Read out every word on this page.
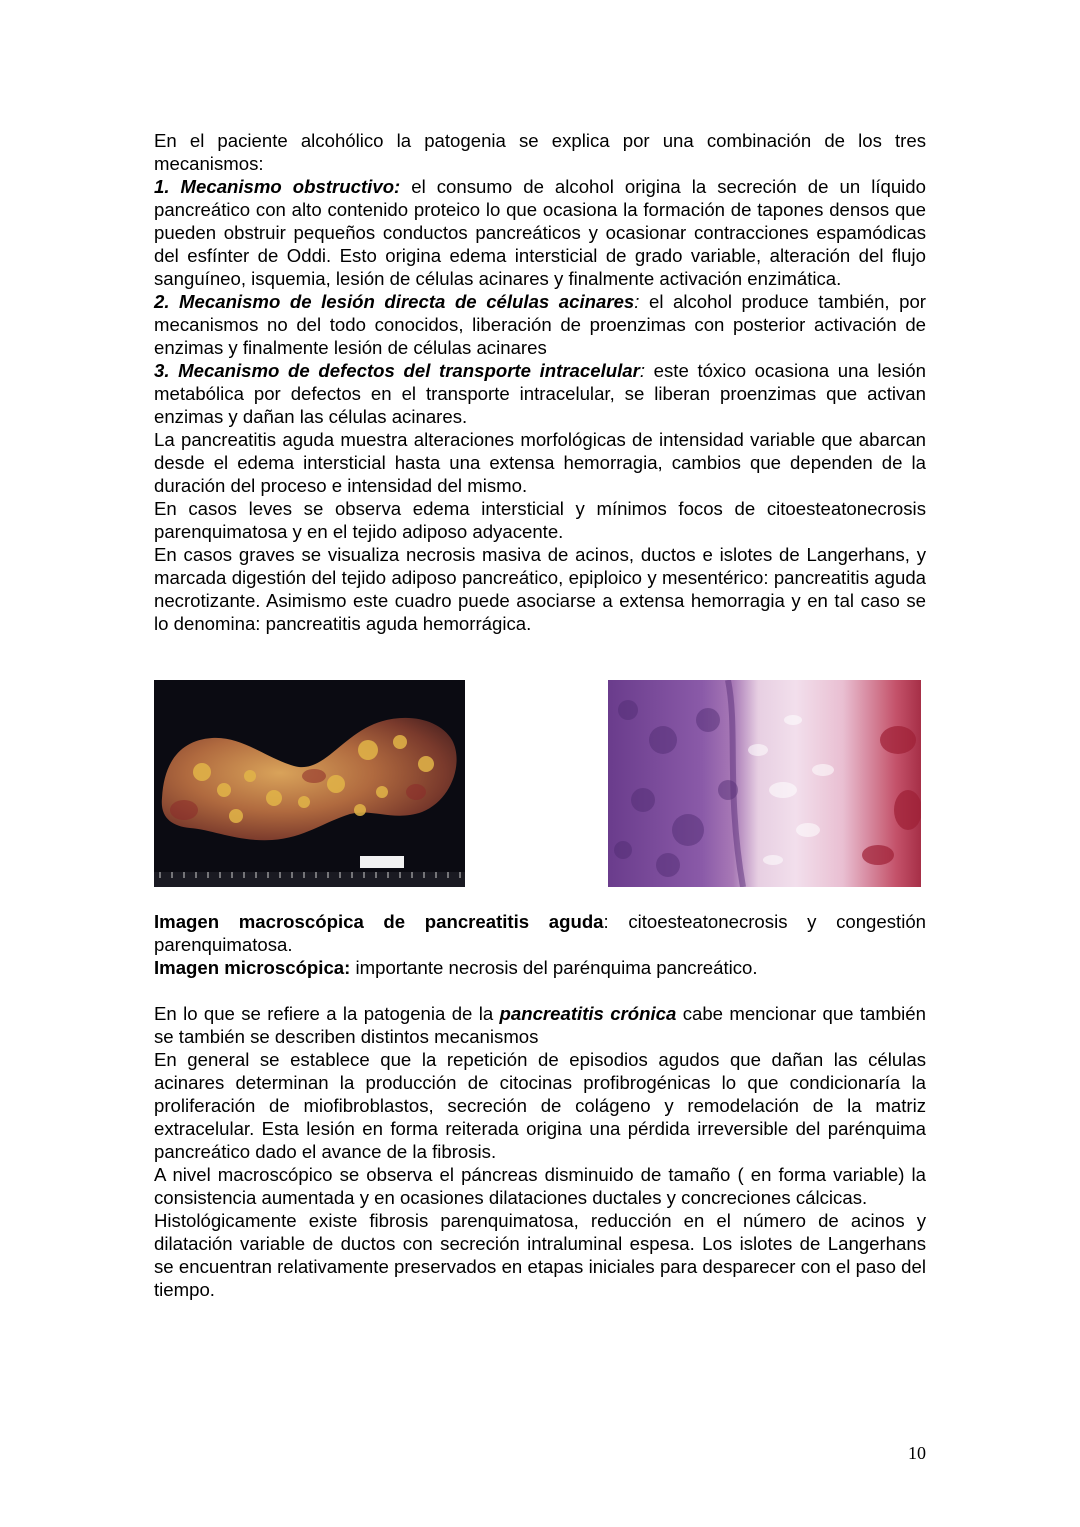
En el paciente alcohólico la patogenia se explica por una combinación de los tres mecanismos:

1. Mecanismo obstructivo: el consumo de alcohol origina la secreción de un líquido pancreático con alto contenido proteico lo que ocasiona la formación de tapones densos que pueden obstruir pequeños conductos pancreáticos y ocasionar contracciones espamódicas del esfínter de Oddi. Esto origina edema intersticial de grado variable, alteración del flujo sanguíneo, isquemia, lesión de células acinares y finalmente activación enzimática.

2. Mecanismo de lesión directa de células acinares: el alcohol produce también, por mecanismos no del todo conocidos, liberación de proenzimas con posterior activación de enzimas y finalmente lesión de células acinares

3. Mecanismo de defectos del transporte intracelular: este tóxico ocasiona una lesión metabólica por defectos en el transporte intracelular, se liberan proenzimas que activan enzimas y dañan las células acinares.

La pancreatitis aguda muestra alteraciones morfológicas de intensidad variable que abarcan desde el edema intersticial hasta una extensa hemorragia, cambios que dependen de la duración del proceso e intensidad del mismo.

En casos leves se observa edema intersticial y mínimos focos de citoesteatonecrosis parenquimatosa y en el tejido adiposo adyacente.

En casos graves se visualiza necrosis masiva de acinos, ductos e islotes de Langerhans, y marcada digestión del tejido adiposo pancreático, epiploico y mesentérico: pancreatitis aguda necrotizante. Asimismo este cuadro puede asociarse a extensa hemorragia y en tal caso se lo denomina: pancreatitis aguda hemorrágica.

Imagen macroscópica de pancreatitis aguda: citoesteatonecrosis y congestión parenquimatosa.

Imagen microscópica: importante necrosis del parénquima pancreático.

En lo que se refiere a la patogenia de la pancreatitis crónica cabe mencionar que también se también se describen distintos mecanismos

En general se establece que la repetición de episodios agudos que dañan las células acinares determinan la producción de citocinas profibrogénicas lo que condicionaría la proliferación de miofibroblastos, secreción de colágeno y remodelación de la matriz extracelular. Esta lesión en forma reiterada origina una pérdida irreversible del parénquima pancreático dado el avance de la fibrosis.

A nivel macroscópico se observa el páncreas disminuido de tamaño ( en forma variable) la consistencia aumentada y en ocasiones dilataciones ductales y concreciones cálcicas.

Histológicamente existe fibrosis parenquimatosa, reducción en el número de acinos y dilatación variable de ductos con secreción intraluminal espesa. Los islotes de Langerhans se encuentran relativamente preservados en etapas iniciales para desparecer con el paso del tiempo.

10
